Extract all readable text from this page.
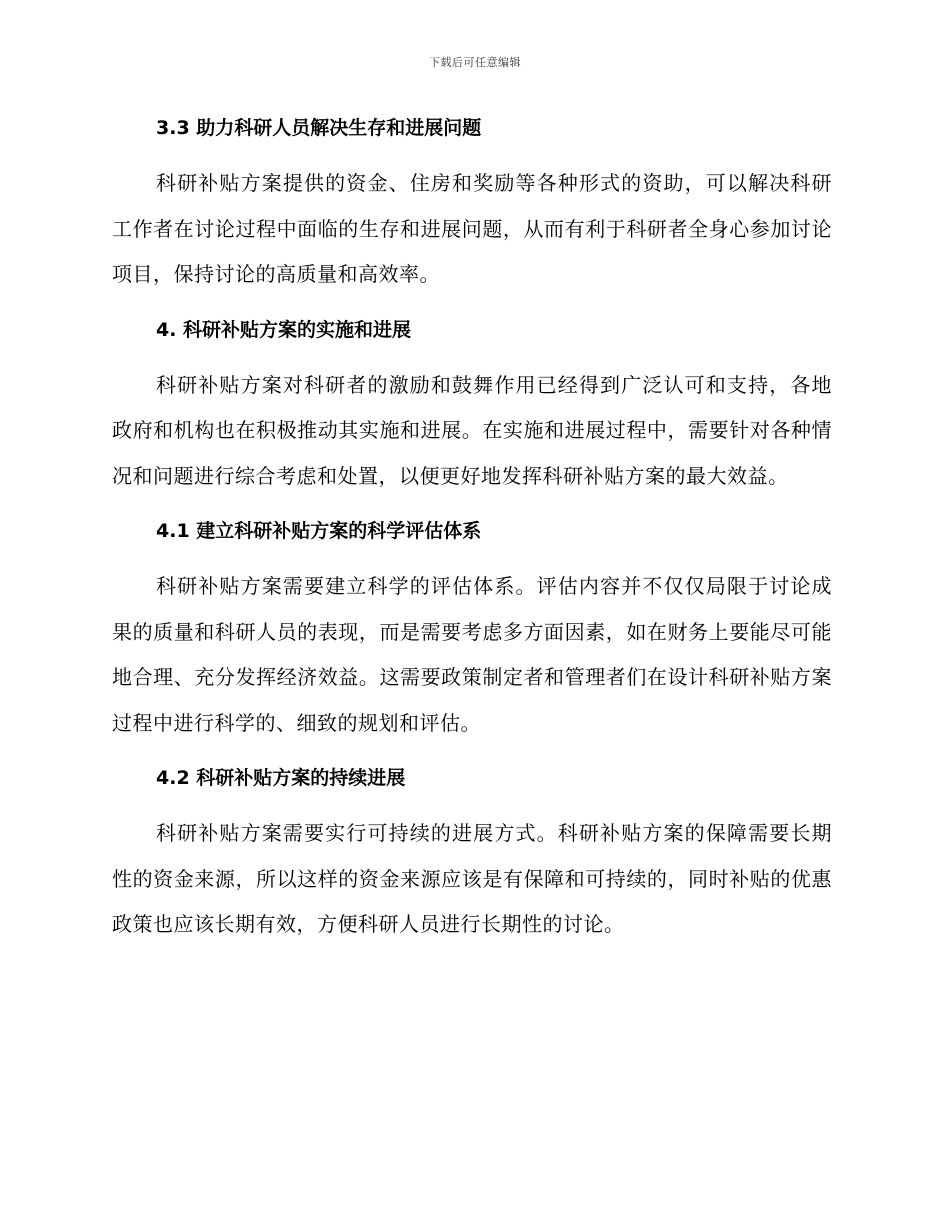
下载后可任意编辑
3.3 助力科研人员解决生存和进展问题

科研补贴方案提供的资金、住房和奖励等各种形式的资助，可以解决科研工作者在讨论过程中面临的生存和进展问题，从而有利于科研者全身心参加讨论项目，保持讨论的高质量和高效率。

4. 科研补贴方案的实施和进展

科研补贴方案对科研者的激励和鼓舞作用已经得到广泛认可和支持，各地政府和机构也在积极推动其实施和进展。在实施和进展过程中，需要针对各种情况和问题进行综合考虑和处置，以便更好地发挥科研补贴方案的最大效益。

4.1 建立科研补贴方案的科学评估体系

科研补贴方案需要建立科学的评估体系。评估内容并不仅仅局限于讨论成果的质量和科研人员的表现，而是需要考虑多方面因素，如在财务上要能尽可能地合理、充分发挥经济效益。这需要政策制定者和管理者们在设计科研补贴方案过程中进行科学的、细致的规划和评估。

4.2 科研补贴方案的持续进展

科研补贴方案需要实行可持续的进展方式。科研补贴方案的保障需要长期性的资金来源，所以这样的资金来源应该是有保障和可持续的，同时补贴的优惠政策也应该长期有效，方便科研人员进行长期性的讨论。
